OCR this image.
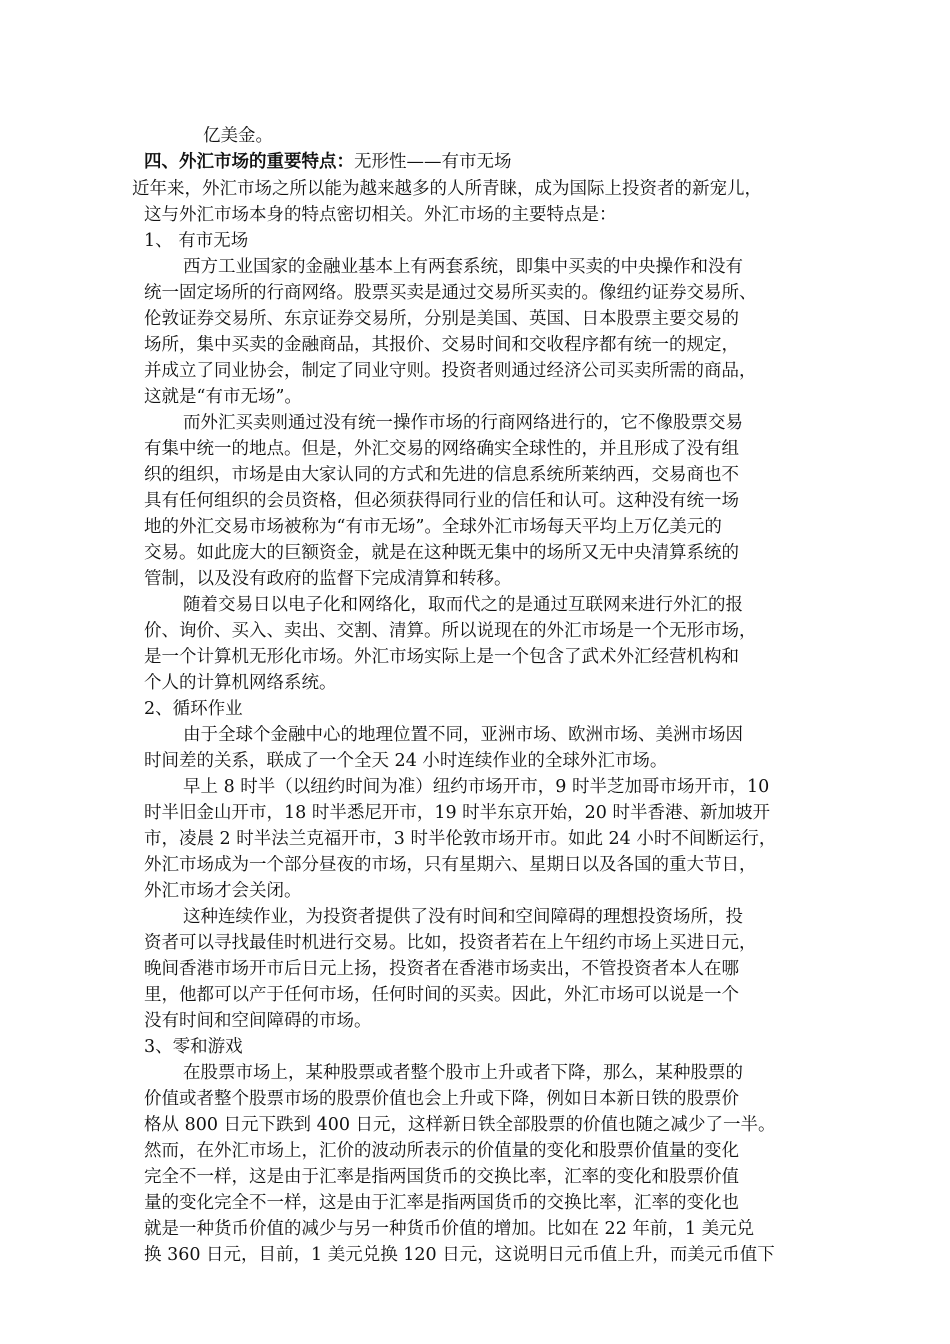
亿美金。
四、外汇市场的重要特点：无形性——有市无场
近年来，外汇市场之所以能为越来越多的人所青睐，成为国际上投资者的新宠儿，
这与外汇市场本身的特点密切相关。外汇市场的主要特点是：
1、 有市无场
西方工业国家的金融业基本上有两套系统，即集中买卖的中央操作和没有
统一固定场所的行商网络。股票买卖是通过交易所买卖的。像纽约证券交易所、
伦敦证券交易所、东京证券交易所，分别是美国、英国、日本股票主要交易的
场所，集中买卖的金融商品，其报价、交易时间和交收程序都有统一的规定，
并成立了同业协会，制定了同业守则。投资者则通过经济公司买卖所需的商品，
这就是“有市无场”。
而外汇买卖则通过没有统一操作市场的行商网络进行的，它不像股票交易
有集中统一的地点。但是，外汇交易的网络确实全球性的，并且形成了没有组
织的组织，市场是由大家认同的方式和先进的信息系统所莱纳西，交易商也不
具有任何组织的会员资格，但必须获得同行业的信任和认可。这种没有统一场
地的外汇交易市场被称为“有市无场”。全球外汇市场每天平均上万亿美元的
交易。如此庞大的巨额资金，就是在这种既无集中的场所又无中央清算系统的
管制，以及没有政府的监督下完成清算和转移。
随着交易日以电子化和网络化，取而代之的是通过互联网来进行外汇的报
价、询价、买入、卖出、交割、清算。所以说现在的外汇市场是一个无形市场，
是一个计算机无形化市场。外汇市场实际上是一个包含了武术外汇经营机构和
个人的计算机网络系统。
2、循环作业
由于全球个金融中心的地理位置不同，亚洲市场、欧洲市场、美洲市场因
时间差的关系，联成了一个全天 24 小时连续作业的全球外汇市场。
早上 8 时半（以纽约时间为准）纽约市场开市，9 时半芝加哥市场开市，10
时半旧金山开市，18 时半悉尼开市，19 时半东京开始，20 时半香港、新加坡开
市，凌晨 2 时半法兰克福开市，3 时半伦敦市场开市。如此 24 小时不间断运行，
外汇市场成为一个部分昼夜的市场，只有星期六、星期日以及各国的重大节日，
外汇市场才会关闭。
这种连续作业，为投资者提供了没有时间和空间障碍的理想投资场所，投
资者可以寻找最佳时机进行交易。比如，投资者若在上午纽约市场上买进日元，
晚间香港市场开市后日元上扬，投资者在香港市场卖出，不管投资者本人在哪
里，他都可以产于任何市场，任何时间的买卖。因此，外汇市场可以说是一个
没有时间和空间障碍的市场。
3、零和游戏
在股票市场上，某种股票或者整个股市上升或者下降，那么，某种股票的
价值或者整个股票市场的股票价值也会上升或下降，例如日本新日铁的股票价
格从 800 日元下跌到 400 日元，这样新日铁全部股票的价值也随之减少了一半。
然而，在外汇市场上，汇价的波动所表示的价值量的变化和股票价值量的变化
完全不一样，这是由于汇率是指两国货币的交换比率，汇率的变化和股票价值
量的变化完全不一样，这是由于汇率是指两国货币的交换比率，汇率的变化也
就是一种货币价值的减少与另一种货币价值的增加。比如在 22 年前，1 美元兑
换 360 日元，目前，1 美元兑换 120 日元，这说明日元币值上升，而美元币值下
